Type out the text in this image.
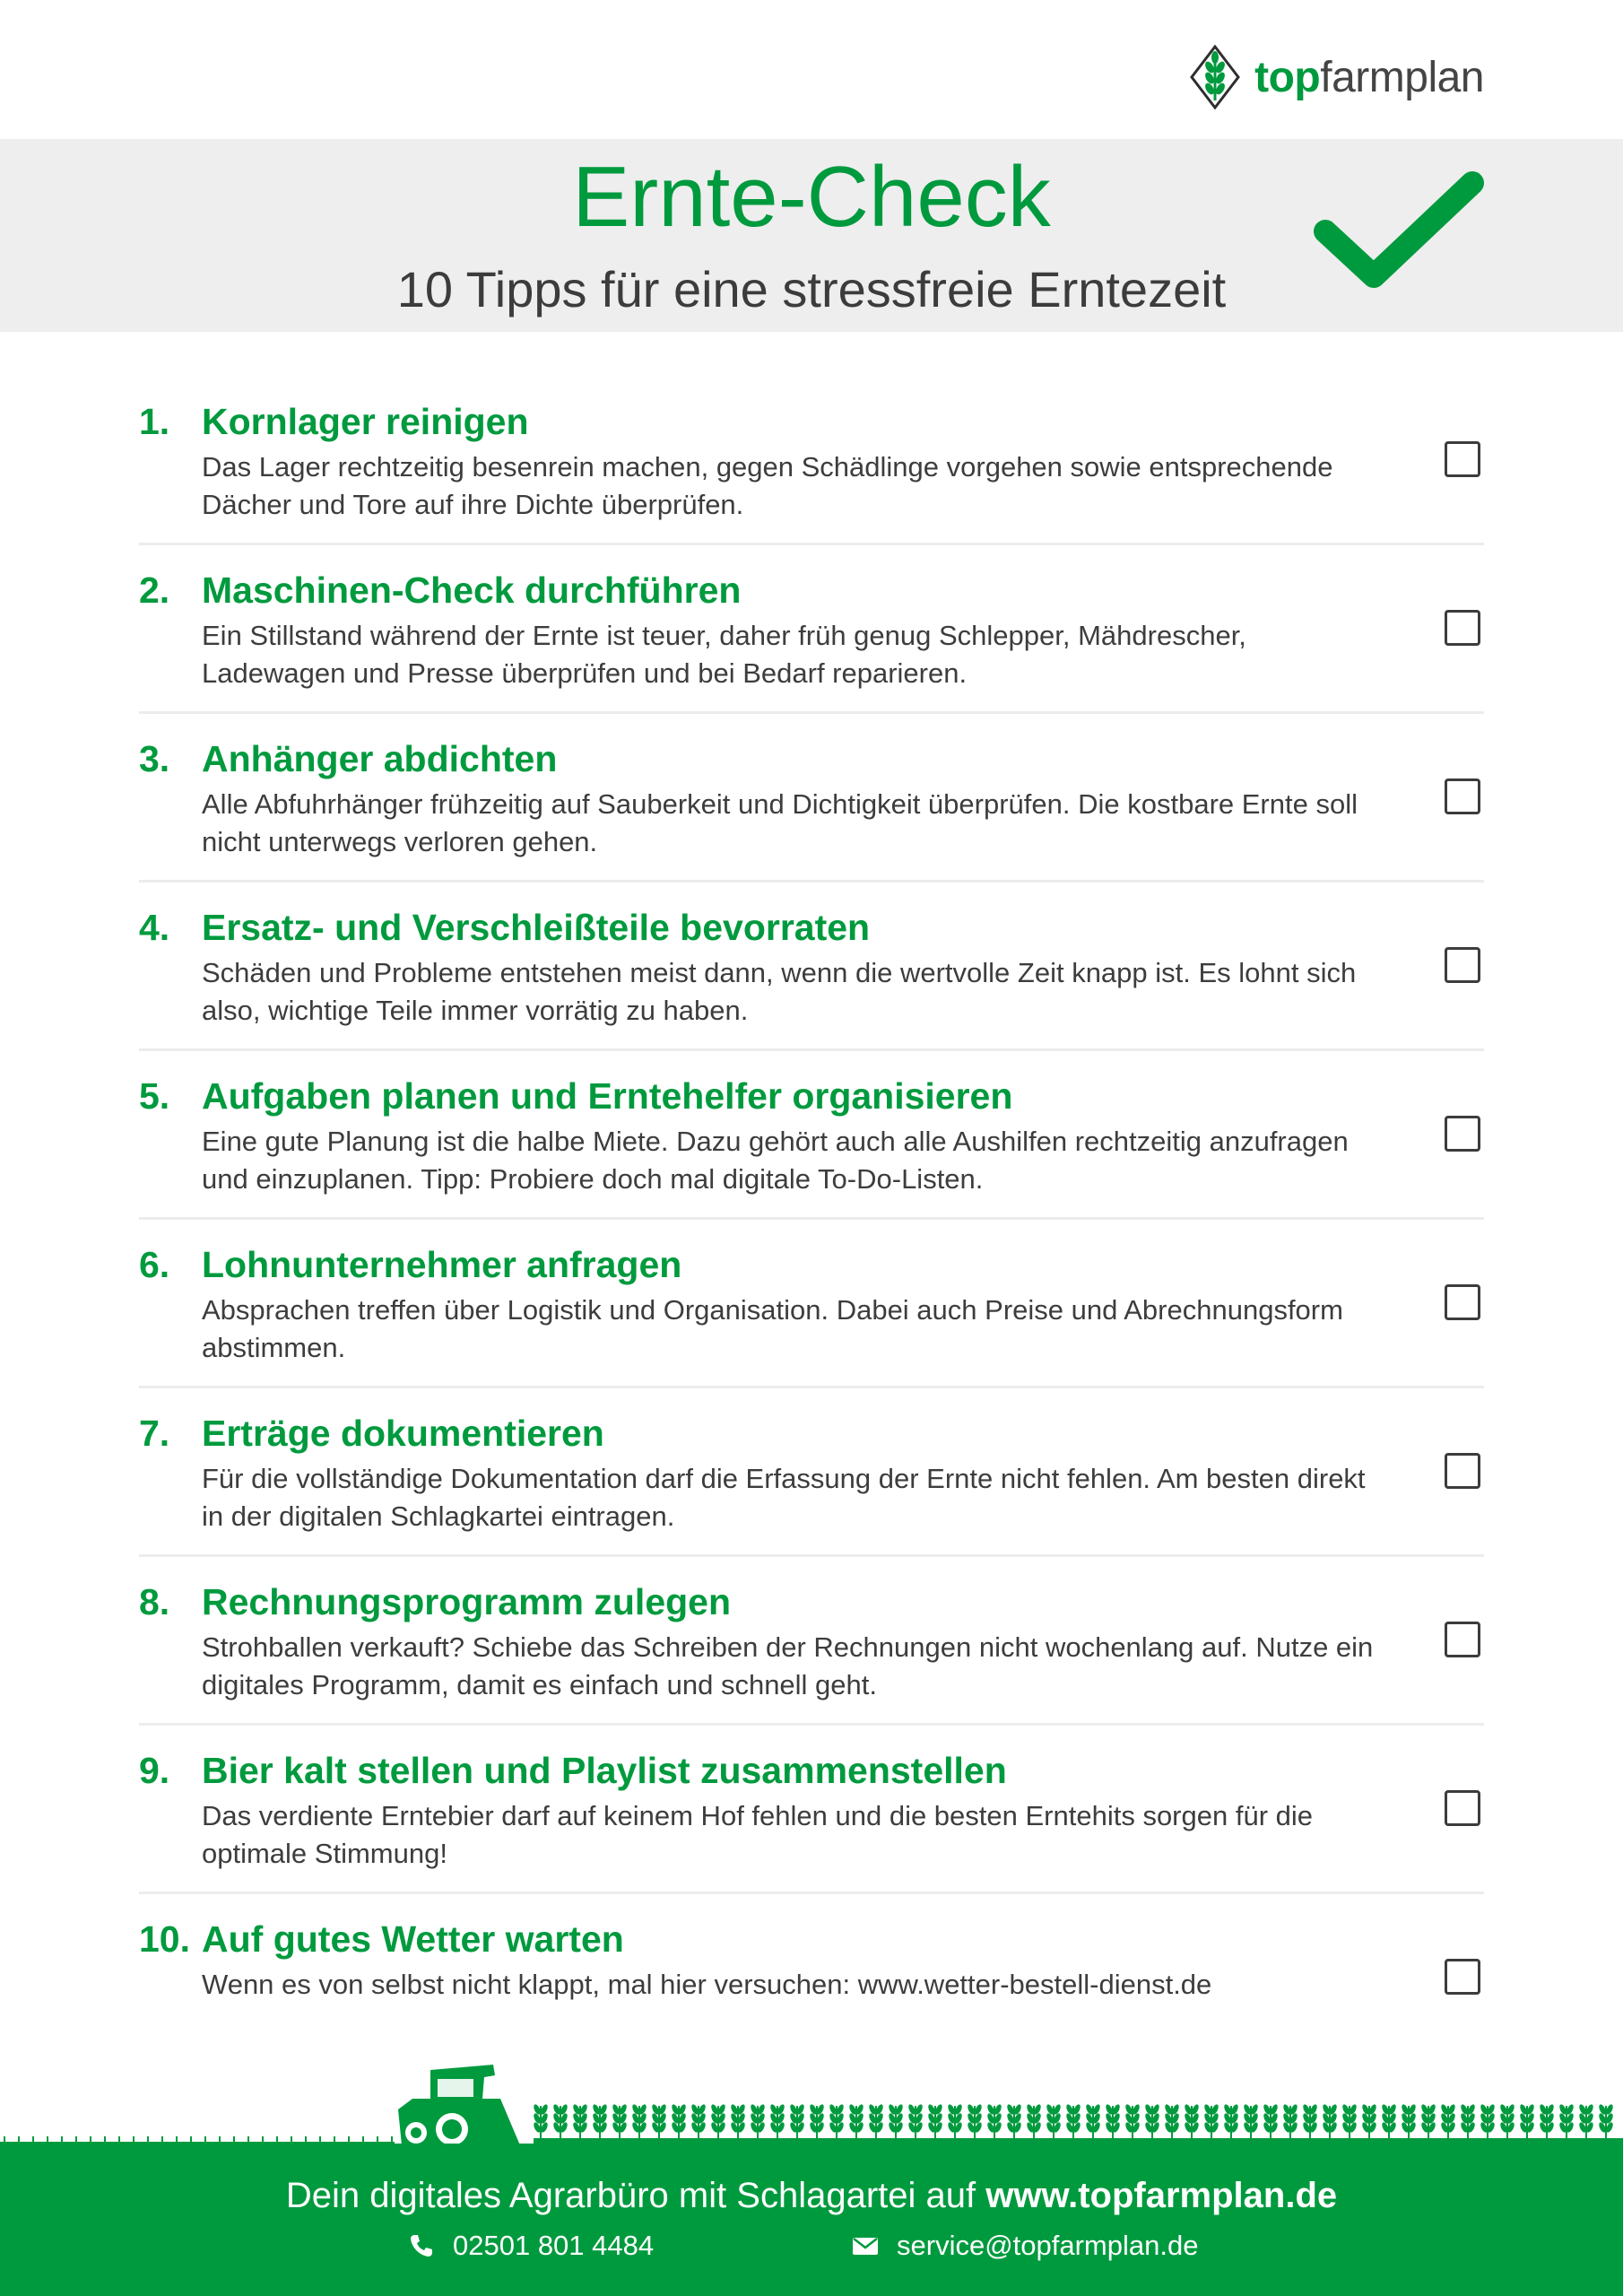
topfarmplan
Ernte-Check
10 Tipps für eine stressfreie Erntezeit
1. Kornlager reinigen
Das Lager rechtzeitig besenrein machen, gegen Schädlinge vorgehen sowie entsprechende Dächer und Tore auf ihre Dichte überprüfen.
2. Maschinen-Check durchführen
Ein Stillstand während der Ernte ist teuer, daher früh genug Schlepper, Mähdrescher, Ladewagen und Presse überprüfen und bei Bedarf reparieren.
3. Anhänger abdichten
Alle Abfuhrhänger frühzeitig auf Sauberkeit und Dichtigkeit überprüfen. Die kostbare Ernte soll nicht unterwegs verloren gehen.
4. Ersatz- und Verschleißteile bevorraten
Schäden und Probleme entstehen meist dann, wenn die wertvolle Zeit knapp ist. Es lohnt sich also, wichtige Teile immer vorrätig zu haben.
5. Aufgaben planen und Erntehelfer organisieren
Eine gute Planung ist die halbe Miete. Dazu gehört auch alle Aushilfen rechtzeitig anzufragen und einzuplanen. Tipp: Probiere doch mal digitale To-Do-Listen.
6. Lohnunternehmer anfragen
Absprachen treffen über Logistik und Organisation. Dabei auch Preise und Abrechnungsform abstimmen.
7. Erträge dokumentieren
Für die vollständige Dokumentation darf die Erfassung der Ernte nicht fehlen. Am besten direkt in der digitalen Schlagkartei eintragen.
8. Rechnungsprogramm zulegen
Strohballen verkauft? Schiebe das Schreiben der Rechnungen nicht wochenlang auf. Nutze ein digitales Programm, damit es einfach und schnell geht.
9. Bier kalt stellen und Playlist zusammenstellen
Das verdiente Erntebier darf auf keinem Hof fehlen und die besten Erntehits sorgen für die optimale Stimmung!
10. Auf gutes Wetter warten
Wenn es von selbst nicht klappt, mal hier versuchen: www.wetter-bestell-dienst.de
Dein digitales Agrarbüro mit Schlagartei auf www.topfarmplan.de
02501 801 4484	service@topfarmplan.de
